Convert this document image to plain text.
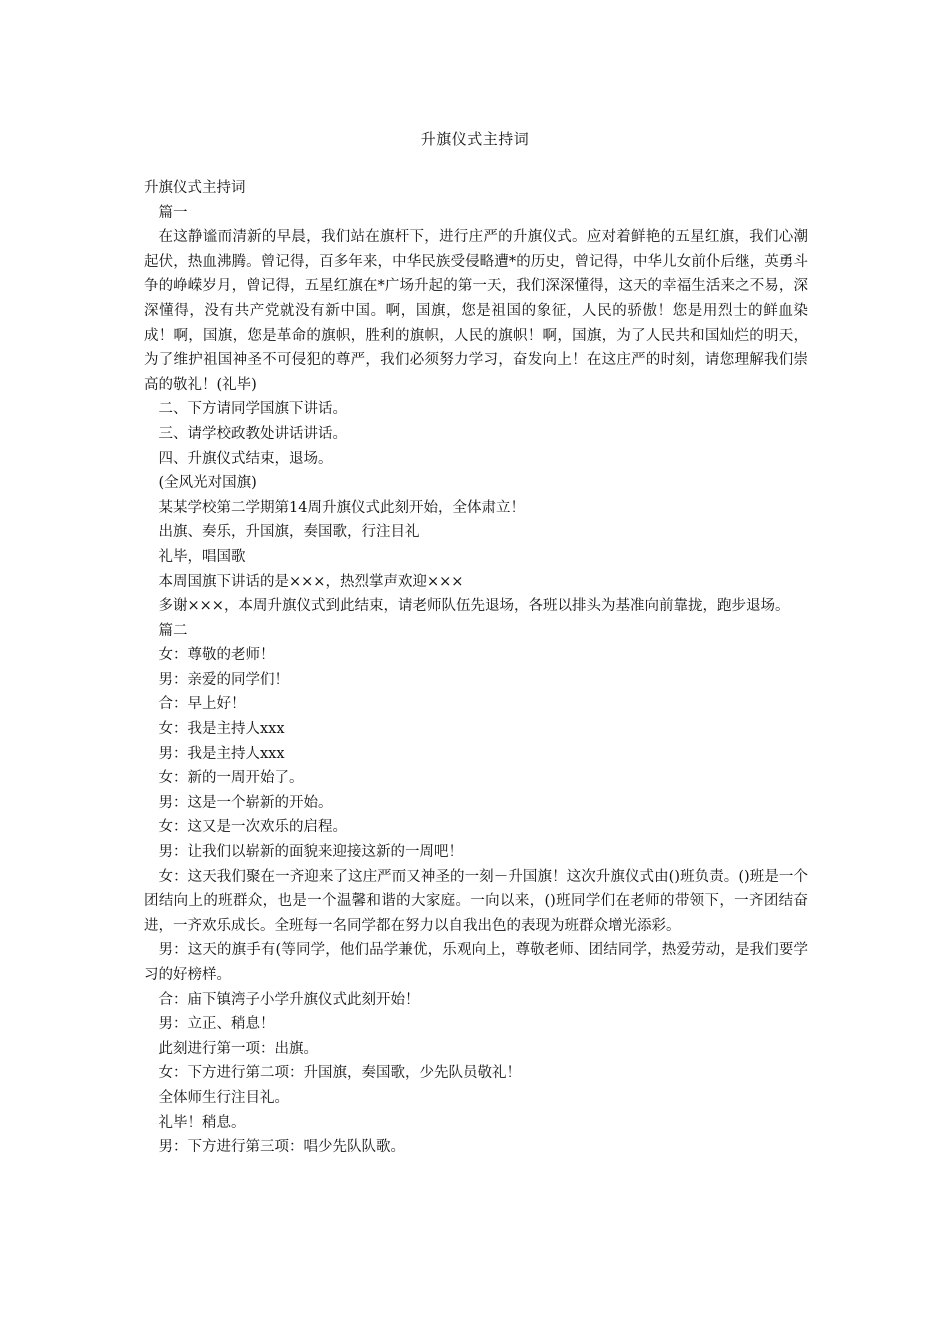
升旗仪式主持词

升旗仪式主持词

篇一

在这静谧而清新的早晨，我们站在旗杆下，进行庄严的升旗仪式。应对着鲜艳的五星红旗，我们心潮起伏，热血沸腾。曾记得，百多年来，中华民族受侵略遭*的历史，曾记得，中华儿女前仆后继，英勇斗争的峥嵘岁月，曾记得，五星红旗在*广场升起的第一天，我们深深懂得，这天的幸福生活来之不易，深深懂得，没有共产党就没有新中国。啊，国旗，您是祖国的象征，人民的骄傲！您是用烈士的鲜血染成！啊，国旗，您是革命的旗帜，胜利的旗帜，人民的旗帜！啊，国旗，为了人民共和国灿烂的明天，为了维护祖国神圣不可侵犯的尊严，我们必须努力学习，奋发向上！在这庄严的时刻，请您理解我们崇高的敬礼！(礼毕)

二、下方请同学国旗下讲话。

三、请学校政教处讲话讲话。

四、升旗仪式结束，退场。

(全风光对国旗)

某某学校第二学期第14周升旗仪式此刻开始，全体肃立！

出旗、奏乐，升国旗，奏国歌，行注目礼

礼毕，唱国歌

本周国旗下讲话的是×××，热烈掌声欢迎×××

多谢×××，本周升旗仪式到此结束，请老师队伍先退场，各班以排头为基准向前靠拢，跑步退场。

篇二

女：尊敬的老师！

男：亲爱的同学们！

合：早上好！

女：我是主持人xxx

男：我是主持人xxx

女：新的一周开始了。

男：这是一个崭新的开始。

女：这又是一次欢乐的启程。

男：让我们以崭新的面貌来迎接这新的一周吧！

女：这天我们聚在一齐迎来了这庄严而又神圣的一刻－升国旗！这次升旗仪式由()班负责。()班是一个团结向上的班群众，也是一个温馨和谐的大家庭。一向以来，()班同学们在老师的带领下，一齐团结奋进，一齐欢乐成长。全班每一名同学都在努力以自我出色的表现为班群众增光添彩。

男：这天的旗手有(等同学，他们品学兼优，乐观向上，尊敬老师、团结同学，热爱劳动，是我们要学习的好榜样。

合：庙下镇湾子小学升旗仪式此刻开始！

男：立正、稍息！

此刻进行第一项：出旗。

女：下方进行第二项：升国旗，奏国歌，少先队员敬礼！

全体师生行注目礼。

礼毕！稍息。

男：下方进行第三项：唱少先队队歌。
